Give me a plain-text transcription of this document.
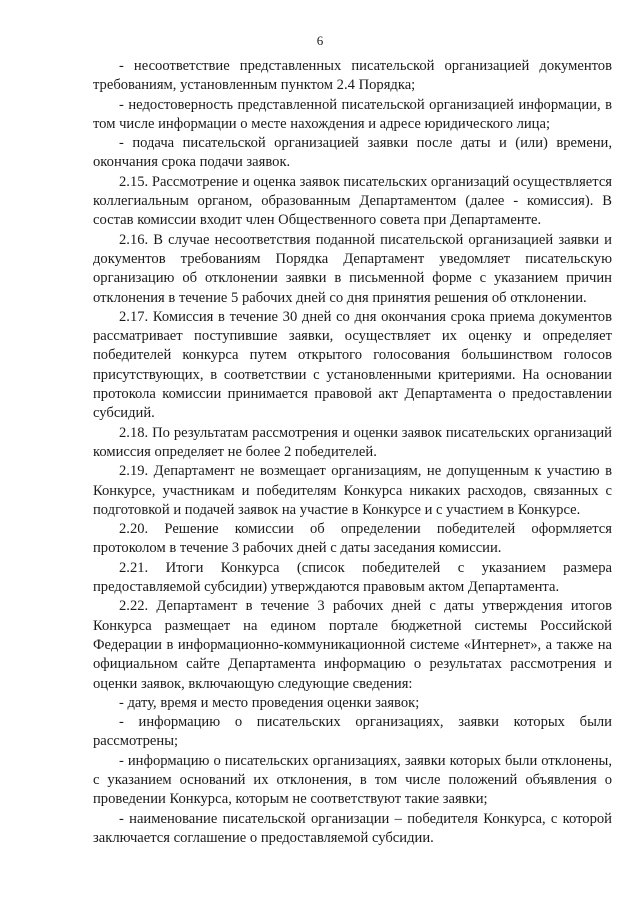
6

- несоответствие представленных писательской организацией документов требованиям, установленным пунктом 2.4 Порядка;

- недостоверность представленной писательской организацией информации, в том числе информации о месте нахождения и адресе юридического лица;

- подача писательской организацией заявки после даты и (или) времени, окончания срока подачи заявок.

2.15. Рассмотрение и оценка заявок писательских организаций осуществляется коллегиальным органом, образованным Департаментом (далее - комиссия). В состав комиссии входит член Общественного совета при Департаменте.

2.16. В случае несоответствия поданной писательской организацией заявки и документов требованиям Порядка Департамент уведомляет писательскую организацию об отклонении заявки в письменной форме с указанием причин отклонения в течение 5 рабочих дней со дня принятия решения об отклонении.

2.17. Комиссия в течение 30 дней со дня окончания срока приема документов рассматривает поступившие заявки, осуществляет их оценку и определяет победителей конкурса путем открытого голосования большинством голосов присутствующих, в соответствии с установленными критериями. На основании протокола комиссии принимается правовой акт Департамента о предоставлении субсидий.

2.18. По результатам рассмотрения и оценки заявок писательских организаций комиссия определяет не более 2 победителей.

2.19. Департамент не возмещает организациям, не допущенным к участию в Конкурсе, участникам и победителям Конкурса никаких расходов, связанных с подготовкой и подачей заявок на участие в Конкурсе и с участием в Конкурсе.

2.20. Решение комиссии об определении победителей оформляется протоколом в течение 3 рабочих дней с даты заседания комиссии.

2.21. Итоги Конкурса (список победителей с указанием размера предоставляемой субсидии) утверждаются правовым актом Департамента.

2.22. Департамент в течение 3 рабочих дней с даты утверждения итогов Конкурса размещает на едином портале бюджетной системы Российской Федерации в информационно-коммуникационной системе «Интернет», а также на официальном сайте Департамента информацию о результатах рассмотрения и оценки заявок, включающую следующие сведения:

- дату, время и место проведения оценки заявок;

- информацию о писательских организациях, заявки которых были рассмотрены;

- информацию о писательских организациях, заявки которых были отклонены, с указанием оснований их отклонения, в том числе положений объявления о проведении Конкурса, которым не соответствуют такие заявки;

- наименование писательской организации – победителя Конкурса, с которой заключается соглашение о предоставляемой субсидии.
